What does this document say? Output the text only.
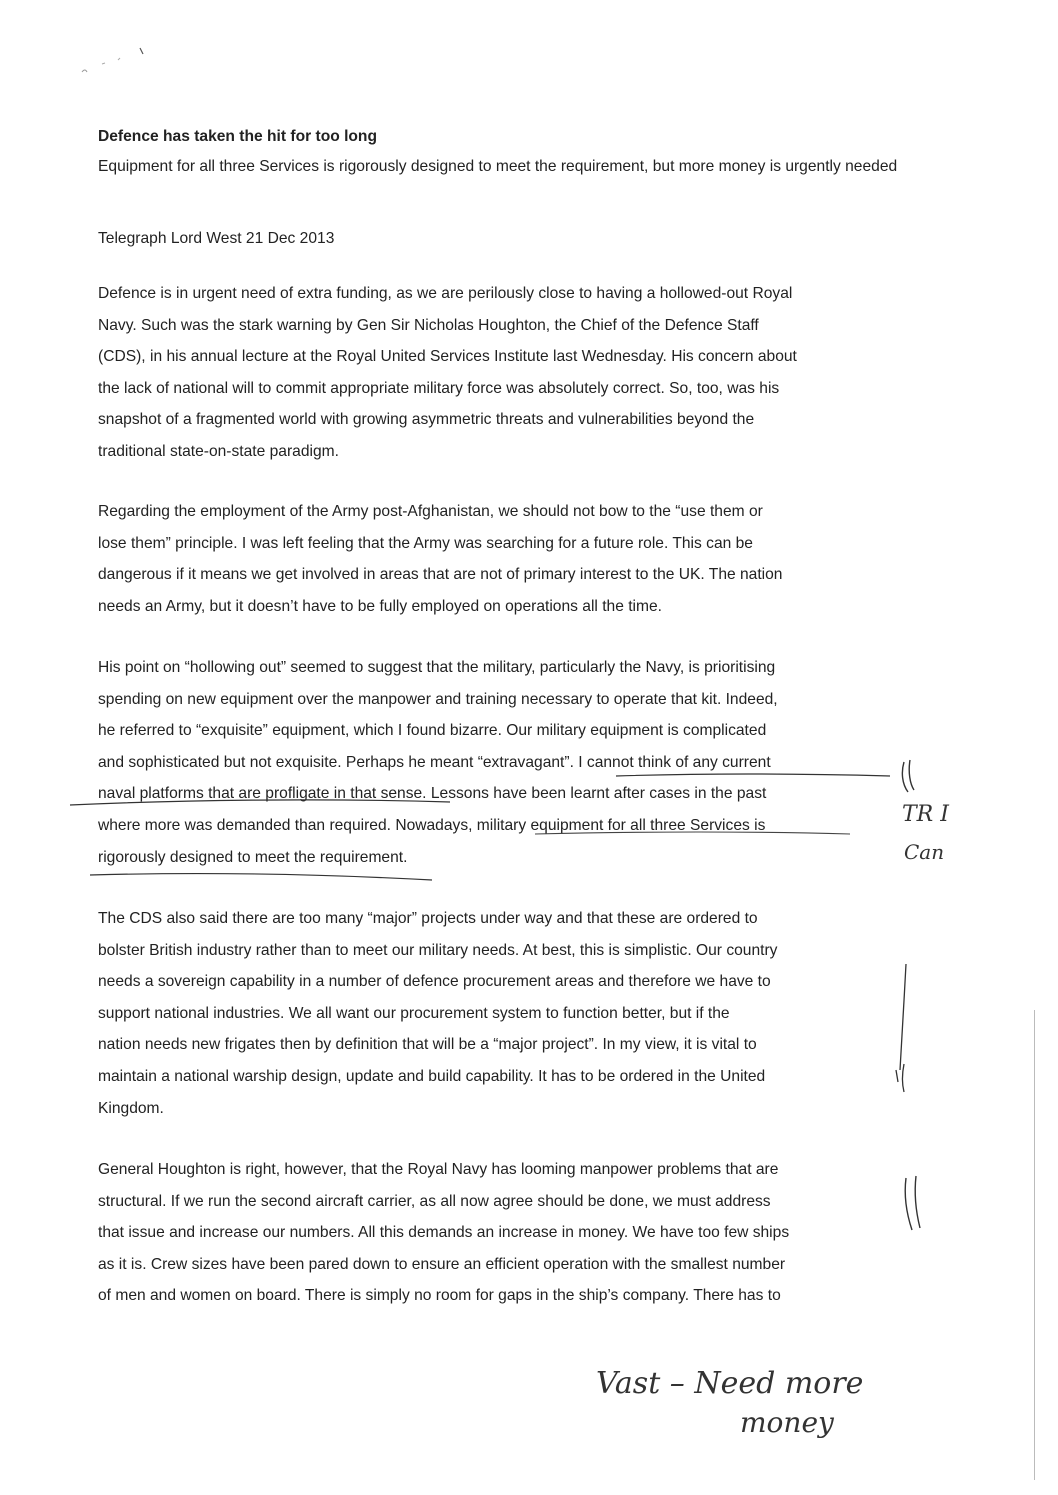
Defence has taken the hit for too long
Equipment for all three Services is rigorously designed to meet the requirement, but more money is urgently needed
Telegraph Lord West 21 Dec 2013
Defence is in urgent need of extra funding, as we are perilously close to having a hollowed-out Royal
Navy. Such was the stark warning by Gen Sir Nicholas Houghton, the Chief of the Defence Staff
(CDS), in his annual lecture at the Royal United Services Institute last Wednesday. His concern about
the lack of national will to commit appropriate military force was absolutely correct. So, too, was his
snapshot of a fragmented world with growing asymmetric threats and vulnerabilities beyond the
traditional state-on-state paradigm.
Regarding the employment of the Army post-Afghanistan, we should not bow to the “use them or
lose them” principle. I was left feeling that the Army was searching for a future role. This can be
dangerous if it means we get involved in areas that are not of primary interest to the UK. The nation
needs an Army, but it doesn’t have to be fully employed on operations all the time.
His point on “hollowing out” seemed to suggest that the military, particularly the Navy, is prioritising
spending on new equipment over the manpower and training necessary to operate that kit. Indeed,
he referred to “exquisite” equipment, which I found bizarre. Our military equipment is complicated
and sophisticated but not exquisite. Perhaps he meant “extravagant”. I cannot think of any current
naval platforms that are profligate in that sense. Lessons have been learnt after cases in the past
where more was demanded than required. Nowadays, military equipment for all three Services is
rigorously designed to meet the requirement.
The CDS also said there are too many “major” projects under way and that these are ordered to
bolster British industry rather than to meet our military needs. At best, this is simplistic. Our country
needs a sovereign capability in a number of defence procurement areas and therefore we have to
support national industries. We all want our procurement system to function better, but if the
nation needs new frigates then by definition that will be a “major project”. In my view, it is vital to
maintain a national warship design, update and build capability. It has to be ordered in the United
Kingdom.
General Houghton is right, however, that the Royal Navy has looming manpower problems that are
structural. If we run the second aircraft carrier, as all now agree should be done, we must address
that issue and increase our numbers. All this demands an increase in money. We have too few ships
as it is. Crew sizes have been pared down to ensure an efficient operation with the smallest number
of men and women on board. There is simply no room for gaps in the ship’s company. There has to
TR I
Can
Vast – Need more
money
